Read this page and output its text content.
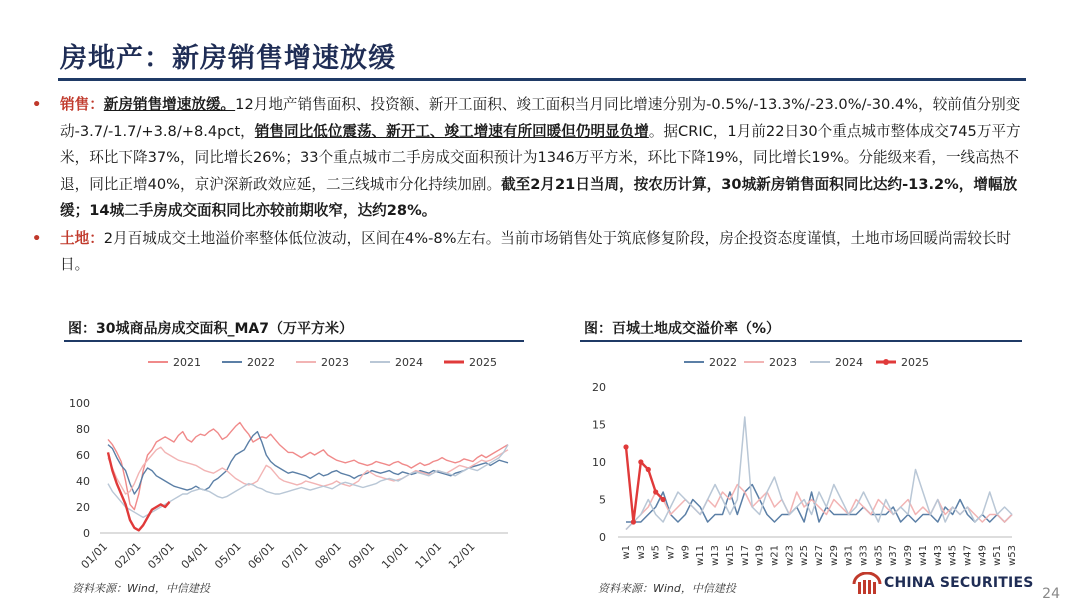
房地产：新房销售增速放缓
• 销售：新房销售增速放缓。12月地产销售面积、投资额、新开工面积、竣工面积当月同比增速分别为-0.5%/-13.3%/-23.0%/-30.4%，较前值分别变动-3.7/-1.7/+3.8/+8.4pct，销售同比低位震荡、新开工、竣工增速有所回暖但仍明显负增。据CRIC，1月前22日30个重点城市整体成交745万平方米，环比下降37%，同比增长26%；33个重点城市二手房成交面积预计为1346万平方米，环比下降19%，同比增长19%。分能级来看，一线高热不退，同比正增40%，京沪深新政效应延，二三线城市分化持续加剧。截至2月21日当周，按农历计算，30城新房销售面积同比达约-13.2%，增幅放缓；14城二手房成交面积同比亦较前期收窄，达约28%。
• 土地：2月百城成交土地溢价率整体低位波动，区间在4%-8%左右。当前市场销售处于筑底修复阶段，房企投资态度谨慎，土地市场回暖尚需较长时日。
图：30城商品房成交面积_MA7（万平方米）
2021	2022	2023	2024	2025
0
20
40
60
80
100
01/01 02/01 03/01 04/01 05/01 06/01 07/01 08/01 09/01 10/01 11/01 12/01
资料来源：Wind，中信建投
图：百城土地成交溢价率（%）
2022	2023	2024	2025
0
5
10
15
20
w1 w3 w5 w7 w9 w11 w13 w15 w17 w19 w21 w23 w25 w27 w29 w31 w33 w35 w37 w39 w41 w43 w45 w47 w49 w51 w53
资料来源：Wind，中信建投	CHINA SECURITIES
24
